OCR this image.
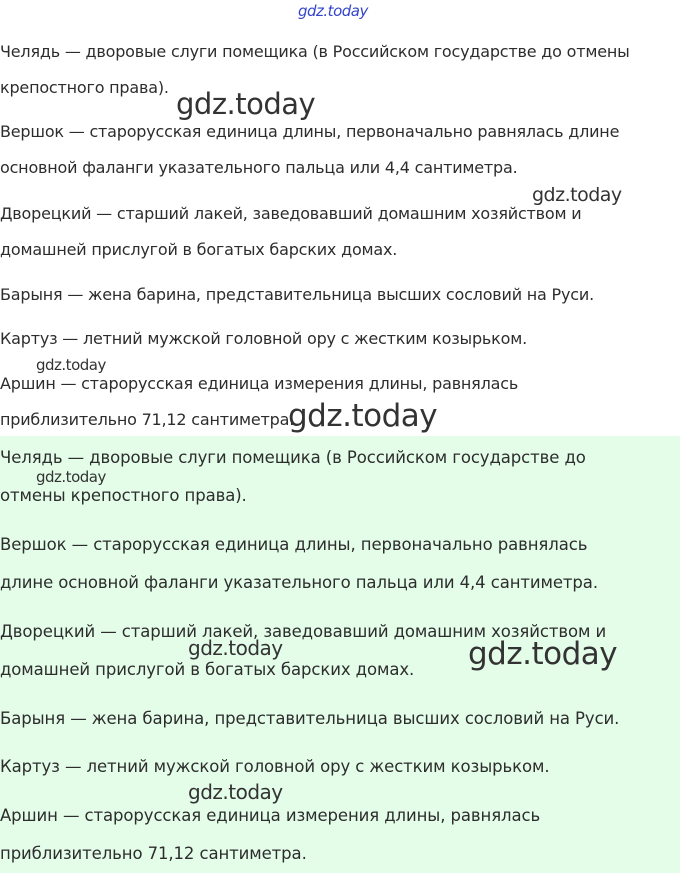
Челядь — дворовые слуги помещика (в Российском государстве до отмены
крепостного права).

Вершок — старорусская единица длины, первоначально равнялась длине
основной фаланги указательного пальца или 4,4 сантиметра.

Дворецкий — старший лакей, заведовавший домашним хозяйством и
домашней прислугой в богатых барских домах.

Барыня — жена барина, представительница высших сословий на Руси.

Картуз — летний мужской головной ору с жестким козырьком.

Аршин — старорусская единица измерения длины, равнялась
приблизительно 71,12 сантиметра.

Челядь — дворовые слуги помещика (в Российском государстве до
отмены крепостного права).

Вершок — старорусская единица длины, первоначально равнялась
длине основной фаланги указательного пальца или 4,4 сантиметра.

Дворецкий — старший лакей, заведовавший домашним хозяйством и
домашней прислугой в богатых барских домах.

Барыня — жена барина, представительница высших сословий на Руси.

Картуз — летний мужской головной ору с жестким козырьком.

Аршин — старорусская единица измерения длины, равнялась
приблизительно 71,12 сантиметра.

gdz.today
gdz.today
gdz.today
gdz.today
gdz.today
gdz.today
gdz.today	gdz.today
gdz.today
